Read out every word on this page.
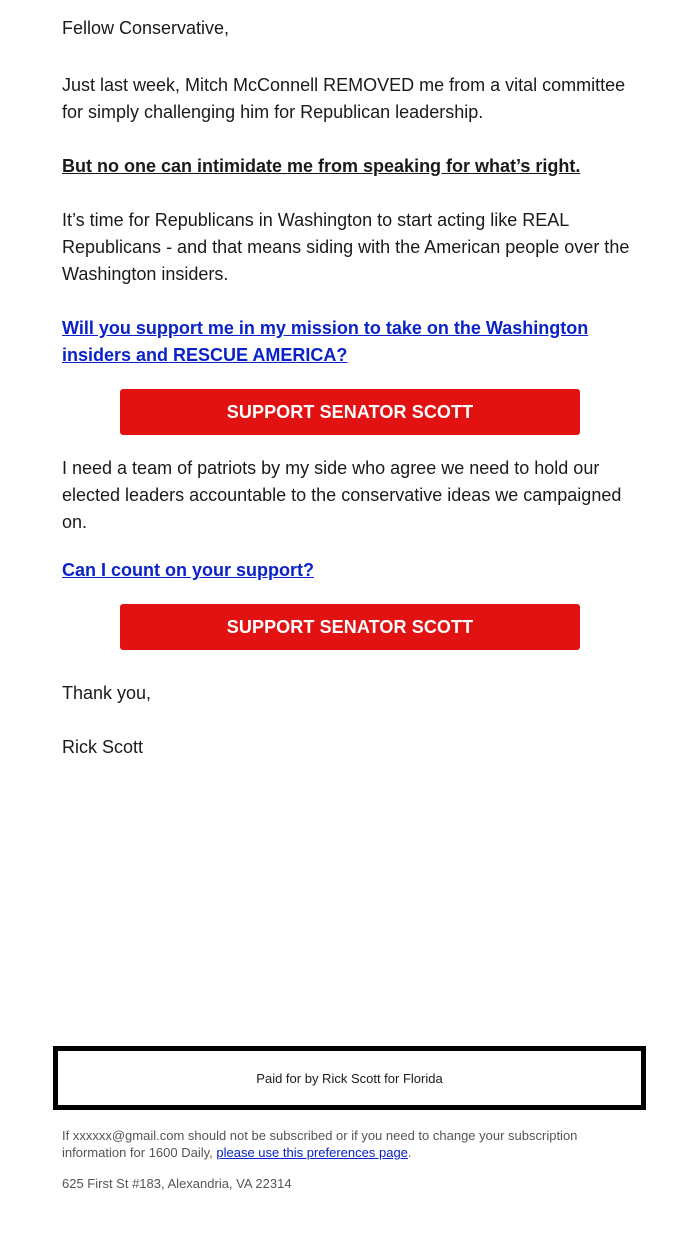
Fellow Conservative,

Just last week, Mitch McConnell REMOVED me from a vital committee for simply challenging him for Republican leadership.

But no one can intimidate me from speaking for what’s right.

It’s time for Republicans in Washington to start acting like REAL Republicans - and that means siding with the American people over the Washington insiders.

Will you support me in my mission to take on the Washington insiders and RESCUE AMERICA?

SUPPORT SENATOR SCOTT

I need a team of patriots by my side who agree we need to hold our elected leaders accountable to the conservative ideas we campaigned on.

Can I count on your support?

SUPPORT SENATOR SCOTT

Thank you,

Rick Scott

Paid for by Rick Scott for Florida

If xxxxxx@gmail.com should not be subscribed or if you need to change your subscription information for 1600 Daily, please use this preferences page.

625 First St #183, Alexandria, VA 22314
